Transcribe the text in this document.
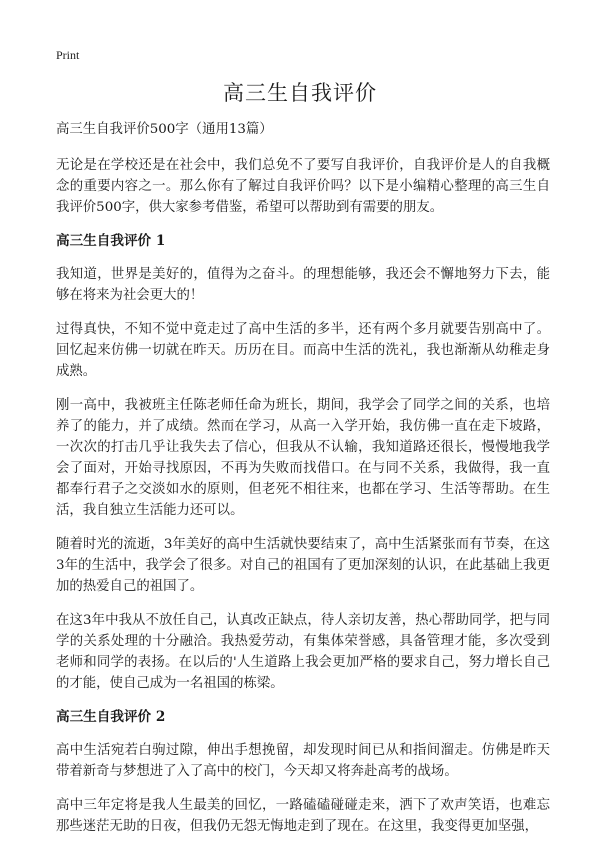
Print
高三生自我评价

高三生自我评价500字（通用13篇）

无论是在学校还是在社会中，我们总免不了要写自我评价，自我评价是人的自我概念的重要内容之一。那么你有了解过自我评价吗？以下是小编精心整理的高三生自我评价500字，供大家参考借鉴，希望可以帮助到有需要的朋友。

高三生自我评价 1

我知道，世界是美好的，值得为之奋斗。的理想能够，我还会不懈地努力下去，能够在将来为社会更大的！

过得真快，不知不觉中竟走过了高中生活的多半，还有两个多月就要告别高中了。回忆起来仿佛一切就在昨天。历历在目。而高中生活的洗礼，我也渐渐从幼稚走身成熟。

刚一高中，我被班主任陈老师任命为班长，期间，我学会了同学之间的关系，也培养了的能力，并了成绩。然而在学习，从高一入学开始，我仿佛一直在走下坡路，一次次的打击几乎让我失去了信心，但我从不认输，我知道路还很长，慢慢地我学会了面对，开始寻找原因，不再为失败而找借口。在与同不关系，我做得，我一直都奉行君子之交淡如水的原则，但老死不相往来，也都在学习、生活等帮助。在生活，我自独立生活能力还可以。

随着时光的流逝，3年美好的高中生活就快要结束了，高中生活紧张而有节奏，在这3年的生活中，我学会了很多。对自己的祖国有了更加深刻的认识，在此基础上我更加的热爱自己的祖国了。

在这3年中我从不放任自己，认真改正缺点，待人亲切友善，热心帮助同学，把与同学的关系处理的十分融洽。我热爱劳动，有集体荣誉感，具备管理才能，多次受到老师和同学的表扬。在以后的'人生道路上我会更加严格的要求自己，努力增长自己的才能，使自己成为一名祖国的栋梁。

高三生自我评价 2

高中生活宛若白驹过隙，伸出手想挽留，却发现时间已从和指间溜走。仿佛是昨天带着新奇与梦想进了入了高中的校门，今天却又将奔赴高考的战场。

高中三年定将是我人生最美的回忆，一路磕磕碰碰走来，洒下了欢声笑语，也难忘那些迷茫无助的日夜，但我仍无怨无悔地走到了现在。在这里，我变得更加坚强，
